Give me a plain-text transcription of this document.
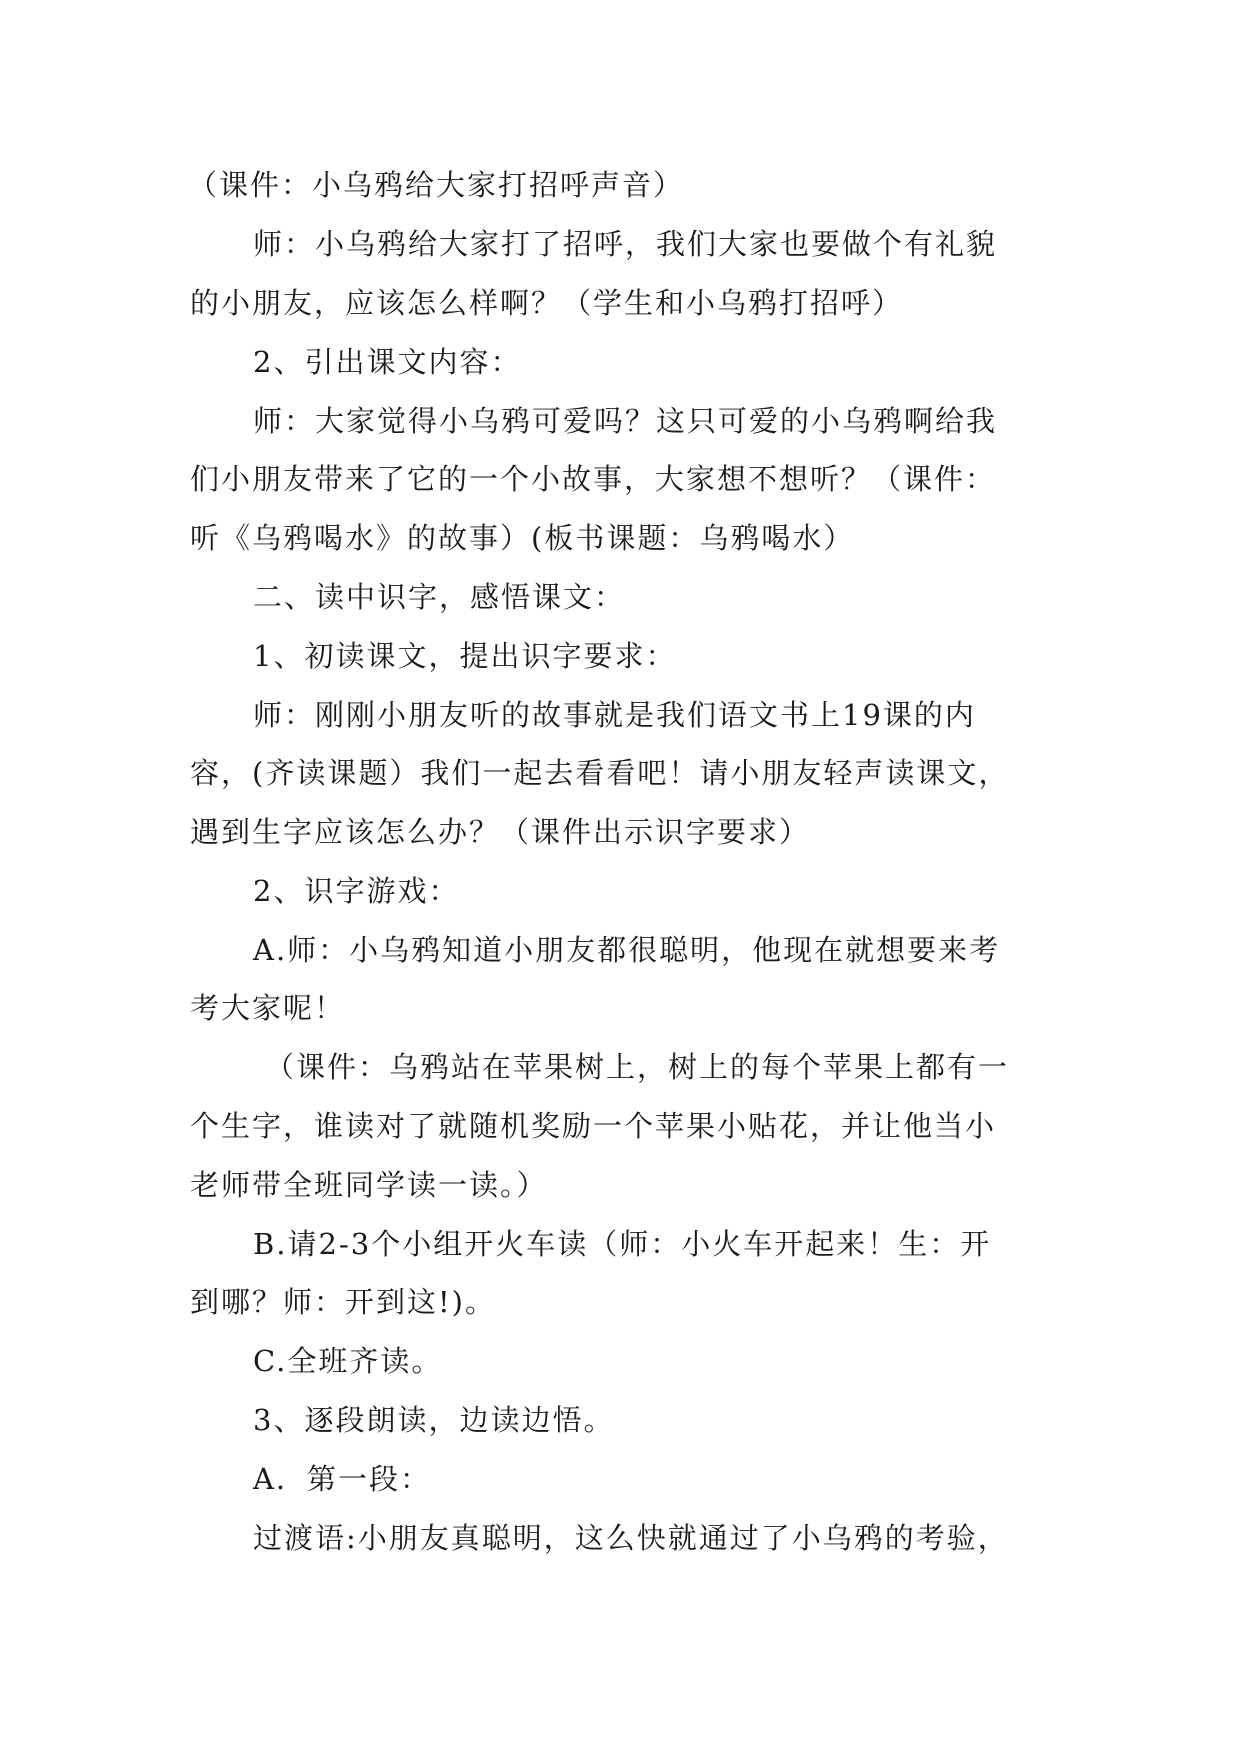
（课件：小乌鸦给大家打招呼声音）

师：小乌鸦给大家打了招呼，我们大家也要做个有礼貌

的小朋友，应该怎么样啊？（学生和小乌鸦打招呼）

2、引出课文内容：

师：大家觉得小乌鸦可爱吗？这只可爱的小乌鸦啊给我

们小朋友带来了它的一个小故事，大家想不想听？（课件：

听《乌鸦喝水》的故事）(板书课题：乌鸦喝水）

二、读中识字，感悟课文：

1、初读课文，提出识字要求：

师：刚刚小朋友听的故事就是我们语文书上19课的内

容，(齐读课题）我们一起去看看吧！请小朋友轻声读课文，

遇到生字应该怎么办？（课件出示识字要求）

2、识字游戏：

A.师：小乌鸦知道小朋友都很聪明，他现在就想要来考

考大家呢！

（课件：乌鸦站在苹果树上，树上的每个苹果上都有一

个生字，谁读对了就随机奖励一个苹果小贴花，并让他当小

老师带全班同学读一读。）

B.请2-3个小组开火车读（师：小火车开起来！生：开

到哪？师：开到这!)。

C.全班齐读。

3、逐段朗读，边读边悟。

A．第一段：

过渡语:小朋友真聪明，这么快就通过了小乌鸦的考验，
